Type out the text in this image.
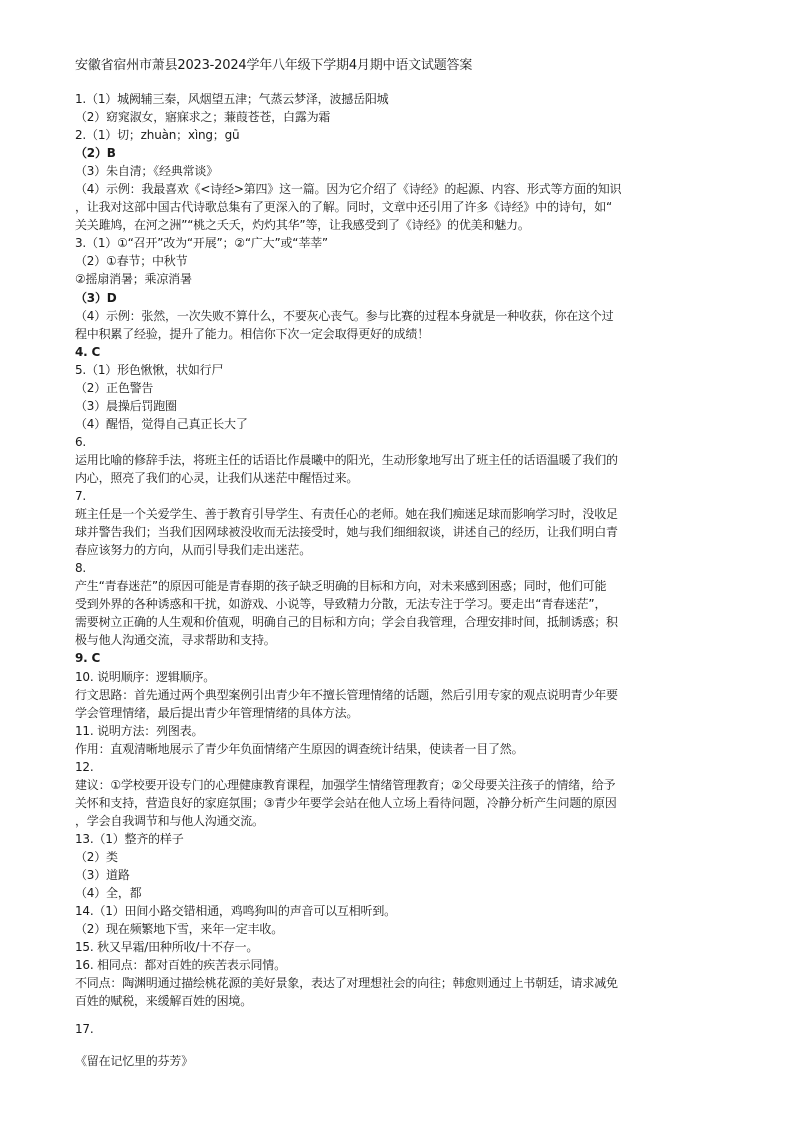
安徽省宿州市萧县2023-2024学年八年级下学期4月期中语文试题答案
1.（1）城阙辅三秦，风烟望五津；气蒸云梦泽，波撼岳阳城
（2）窈窕淑女，寤寐求之；蒹葭苍苍，白露为霜
2.（1）切；zhuàn；xìng；gū
（2）B
（3）朱自清；《经典常谈》
（4）示例：我最喜欢《<诗经>第四》这一篇。因为它介绍了《诗经》的起源、内容、形式等方面的知识
，让我对这部中国古代诗歌总集有了更深入的了解。同时，文章中还引用了许多《诗经》中的诗句，如“
关关雎鸠，在河之洲”“桃之夭夭，灼灼其华”等，让我感受到了《诗经》的优美和魅力。
3.（1）①“召开”改为“开展”；②“广大”或“莘莘”
（2）①春节；中秋节
②摇扇消暑；乘凉消暑
（3）D
（4）示例：张然，一次失败不算什么，不要灰心丧气。参与比赛的过程本身就是一种收获，你在这个过
程中积累了经验，提升了能力。相信你下次一定会取得更好的成绩！
4. C
5.（1）形色愀愀，状如行尸
（2）正色警告
（3）晨操后罚跑圈
（4）醒悟，觉得自己真正长大了
6.
运用比喻的修辞手法，将班主任的话语比作晨曦中的阳光，生动形象地写出了班主任的话语温暖了我们的
内心，照亮了我们的心灵，让我们从迷茫中醒悟过来。
7.
班主任是一个关爱学生、善于教育引导学生、有责任心的老师。她在我们痴迷足球而影响学习时，没收足
球并警告我们；当我们因网球被没收而无法接受时，她与我们细细叙谈，讲述自己的经历，让我们明白青
春应该努力的方向，从而引导我们走出迷茫。
8.
产生“青春迷茫”的原因可能是青春期的孩子缺乏明确的目标和方向，对未来感到困惑；同时，他们可能
受到外界的各种诱惑和干扰，如游戏、小说等，导致精力分散，无法专注于学习。要走出“青春迷茫”，
需要树立正确的人生观和价值观，明确自己的目标和方向；学会自我管理，合理安排时间，抵制诱惑；积
极与他人沟通交流，寻求帮助和支持。
9. C
10. 说明顺序：逻辑顺序。
行文思路：首先通过两个典型案例引出青少年不擅长管理情绪的话题，然后引用专家的观点说明青少年要
学会管理情绪，最后提出青少年管理情绪的具体方法。
11. 说明方法：列图表。
作用：直观清晰地展示了青少年负面情绪产生原因的调查统计结果，使读者一目了然。
12.
建议：①学校要开设专门的心理健康教育课程，加强学生情绪管理教育；②父母要关注孩子的情绪，给予
关怀和支持，营造良好的家庭氛围；③青少年要学会站在他人立场上看待问题，冷静分析产生问题的原因
，学会自我调节和与他人沟通交流。
13.（1）整齐的样子
（2）类
（3）道路
（4）全，都
14.（1）田间小路交错相通，鸡鸣狗叫的声音可以互相听到。
（2）现在频繁地下雪，来年一定丰收。
15. 秋又早霜/田种所收/十不存一。
16. 相同点：都对百姓的疾苦表示同情。
不同点：陶渊明通过描绘桃花源的美好景象，表达了对理想社会的向往；韩愈则通过上书朝廷，请求减免
百姓的赋税，来缓解百姓的困境。
17.
《留在记忆里的芬芳》
